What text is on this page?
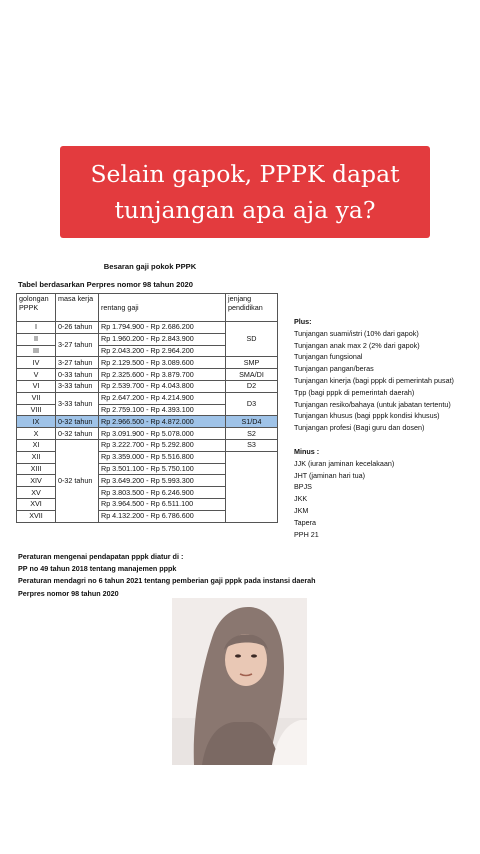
Selain gapok, PPPK dapat
tunjangan apa aja ya?
Besaran gaji pokok PPPK
Tabel berdasarkan Perpres nomor 98 tahun 2020
golongan PPPK	masa kerja	rentang gaji	jenjang pendidikan
I	0-26 tahun	Rp 1.794.900 - Rp 2.686.200	SD
II	3-27 tahun	Rp 1.960.200 - Rp 2.843.900	
III		Rp 2.043.200 - Rp 2.964.200	
IV	3-27 tahun	Rp 2.129.500 - Rp 3.089.600	SMP
V	0-33 tahun	Rp 2.325.600 - Rp 3.879.700	SMA/DI
VI	3-33 tahun	Rp 2.539.700 - Rp 4.043.800	D2
VII	3-33 tahun	Rp 2.647.200 - Rp 4.214.900	D3
VIII		Rp 2.759.100 - Rp 4.393.100	
IX	0-32 tahun	Rp 2.966.500 - Rp 4.872.000	S1/D4
X	0-32 tahun	Rp 3.091.900 - Rp 5.078.000	S2
XI	0-32 tahun	Rp 3.222.700 - Rp 5.292.800	S3
XII		Rp 3.359.000 - Rp 5.516.800	
XIII		Rp 3.501.100 - Rp 5.750.100	
XIV		Rp 3.649.200 - Rp 5.993.300	
XV		Rp 3.803.500 - Rp 6.246.900	
XVI		Rp 3.964.500 - Rp 6.511.100	
XVII		Rp 4.132.200 - Rp 6.786.600	
Plus:
Tunjangan suami/istri (10% dari gapok)
Tunjangan anak max 2 (2% dari gapok)
Tunjangan fungsional
Tunjangan pangan/beras
Tunjangan kinerja (bagi pppk di pemerintah pusat)
Tpp (bagi pppk di pemerintah daerah)
Tunjangan resiko/bahaya (untuk jabatan tertentu)
Tunjangan khusus (bagi pppk kondisi khusus)
Tunjangan profesi (Bagi guru dan dosen)
Minus :
JJK (iuran jaminan kecelakaan)
JHT (jaminan hari tua)
BPJS
JKK
JKM
Tapera
PPH 21
Peraturan mengenai pendapatan pppk diatur di :
PP no 49 tahun 2018 tentang manajemen pppk
Peraturan mendagri no 6 tahun 2021 tentang pemberian gaji pppk pada instansi daerah
Perpres nomor 98 tahun 2020
